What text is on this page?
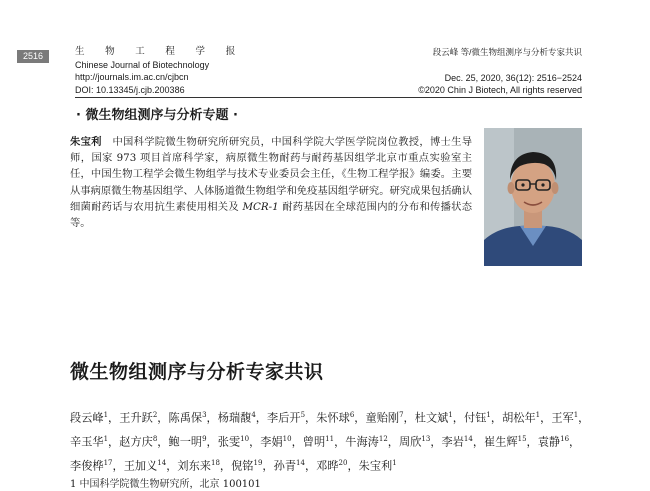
2516	生 物 工 程 学 报
Chinese Journal of Biotechnology
http://journals.im.ac.cn/cjbcn
DOI: 10.13345/j.cjb.200386
段云峰 等/微生物组测序与分析专家共识
Dec. 25, 2020, 36(12): 2516−2524
©2020 Chin J Biotech, All rights reserved
· 微生物组测序与分析专题 ·
朱宝利 中国科学院微生物研究所研究员，中国科学院大学医学院岗位教授，博士生导师，国家 973 项目首席科学家，病原微生物耐药与耐药基因组学北京市重点实验室主任，中国生物工程学会微生物组学与技术专业委员会主任，《生物工程学报》编委。主要从事病原微生物基因组学、人体肠道微生物组学和免疫基因组学研究。研究成果包括确认细菌耐药话与农用抗生素使用相关及 MCR-1 耐药基因在全球范围内的分布和传播状态等。
微生物组测序与分析专家共识
段云峰$^1$，王升跃$^2$，陈禹保$^3$，杨瑞馥$^4$，李后开$^5$，朱怀球$^6$，童贻刚$^7$，杜文斌$^1$，付钰$^1$，胡松年$^1$，王军$^1$，辛玉华$^1$，赵方庆$^8$，鲍一明$^9$，张雯$^{10}$，李娟$^{10}$，曾明$^{11}$，牛海涛$^{12}$，周欣$^{13}$，李岩$^{14}$，崔生辉$^{15}$，袁静$^{16}$，李俊桦$^{17}$，王加义$^{14}$，刘东来$^{18}$，倪铭$^{19}$，孙青$^{14}$，邓晔$^{20}$，朱宝利$^1$
1 中国科学院微生物研究所，北京 100101
